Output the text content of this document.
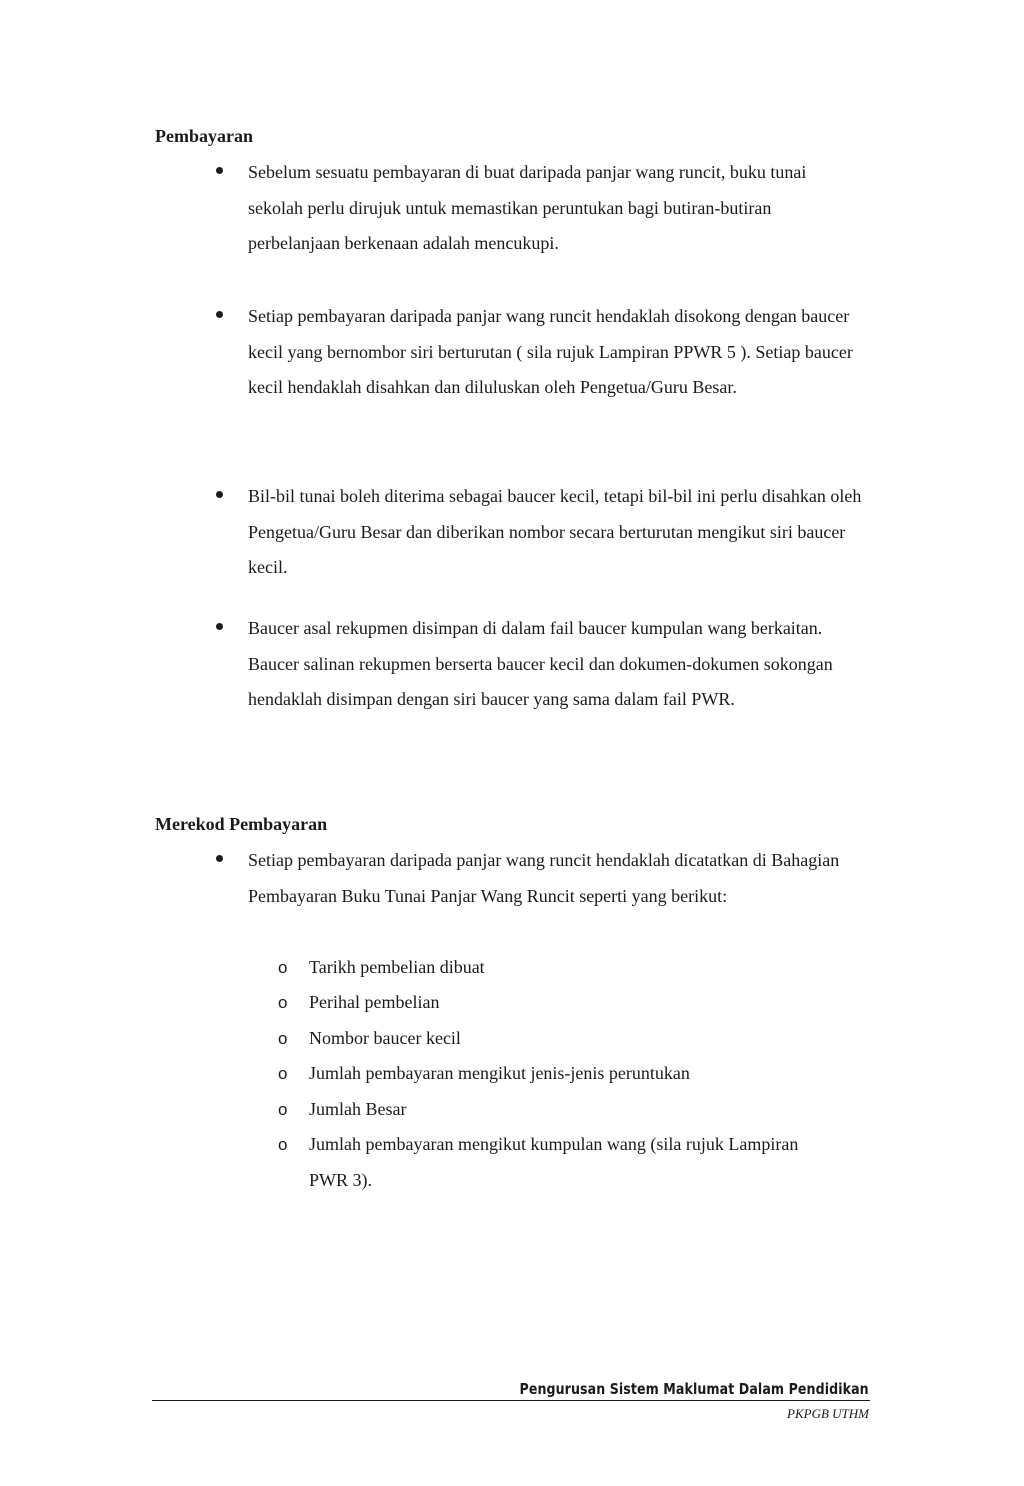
Pembayaran
Sebelum sesuatu pembayaran di buat daripada panjar wang runcit, buku tunai sekolah perlu dirujuk untuk memastikan peruntukan bagi butiran-butiran perbelanjaan berkenaan adalah mencukupi.
Setiap pembayaran daripada panjar wang runcit hendaklah disokong dengan baucer kecil yang bernombor siri berturutan ( sila rujuk Lampiran PPWR 5 ). Setiap baucer kecil hendaklah disahkan dan diluluskan oleh Pengetua/Guru Besar.
Bil-bil tunai boleh diterima sebagai baucer kecil, tetapi bil-bil ini perlu disahkan oleh Pengetua/Guru Besar dan diberikan nombor secara berturutan mengikut siri baucer kecil.
Baucer asal rekupmen disimpan di dalam fail baucer kumpulan wang berkaitan. Baucer salinan rekupmen berserta baucer kecil dan dokumen-dokumen sokongan hendaklah disimpan dengan siri baucer yang sama dalam fail PWR.
Merekod Pembayaran
Setiap pembayaran daripada panjar wang runcit hendaklah dicatatkan di Bahagian Pembayaran Buku Tunai Panjar Wang Runcit seperti yang berikut:
o Tarikh pembelian dibuat
o Perihal pembelian
o Nombor baucer kecil
o Jumlah pembayaran mengikut jenis-jenis peruntukan
o Jumlah Besar
o Jumlah pembayaran mengikut kumpulan wang (sila rujuk Lampiran PWR 3).
Pengurusan Sistem Maklumat Dalam Pendidikan
PKPGB UTHM
